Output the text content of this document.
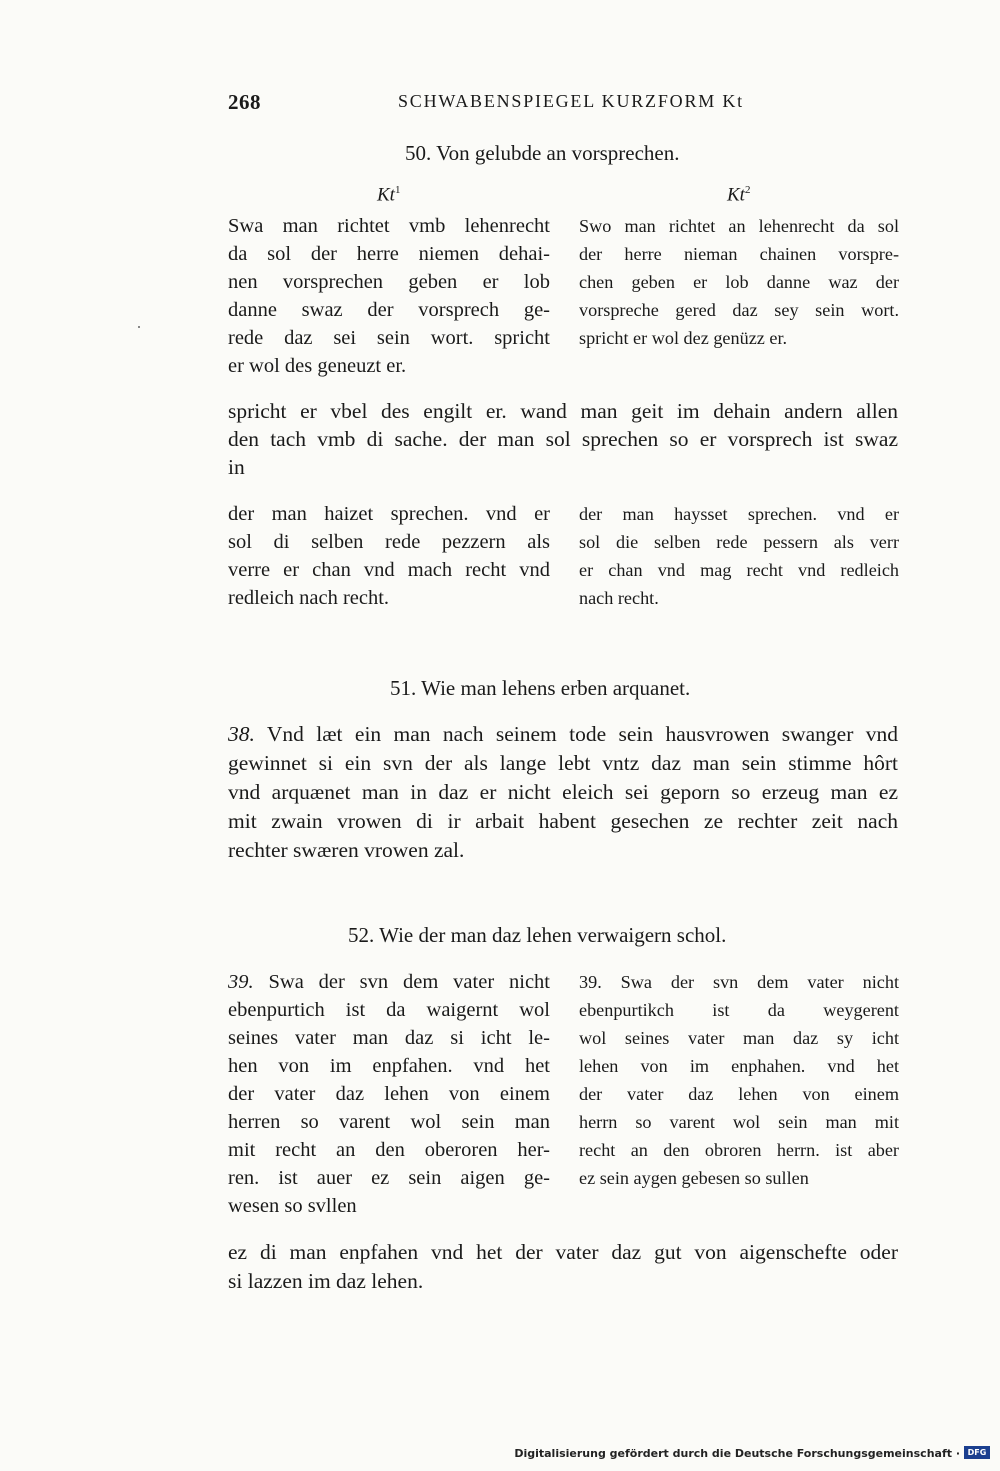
268	SCHWABENSPIEGEL KURZFORM Kt
50. Von gelubde an vorsprechen.
Kt$^1$	Kt$^2$
Swa man richtet vmb lehenrecht
da sol der herre niemen dehai-
nen vorsprechen geben er lob
danne swaz der vorsprech ge-
rede daz sei sein wort. spricht
er wol des geneuzt er.
Swo man richtet an lehenrecht da sol
der herre nieman chainen vorspre-
chen geben er lob danne waz der
vorspreche gered daz sey sein wort.
spricht er wol dez genüzz er.
spricht er vbel des engilt er. wand man geit im dehain andern allen
den tach vmb di sache. der man sol sprechen so er vorsprech ist swaz
in
der man haizet sprechen. vnd er
sol di selben rede pezzern als
verre er chan vnd mach recht vnd
redleich nach recht.
der man haysset sprechen. vnd er
sol die selben rede pessern als verr
er chan vnd mag recht vnd redleich
nach recht.
51. Wie man lehens erben arquanet.
38. Vnd læt ein man nach seinem tode sein hausvrowen swanger vnd
gewinnet si ein svn der als lange lebt vntz daz man sein stimme hôrt
vnd arquænet man in daz er nicht eleich sei geporn so erzeug man ez
mit zwain vrowen di ir arbait habent gesechen ze rechter zeit nach
rechter swæren vrowen zal.
52. Wie der man daz lehen verwaigern schol.
39. Swa der svn dem vater nicht
ebenpurtich ist da waigernt wol
seines vater man daz si icht le-
hen von im enpfahen. vnd het
der vater daz lehen von einem
herren so varent wol sein man
mit recht an den oberoren her-
ren. ist auer ez sein aigen ge-
wesen so svllen
39. Swa der svn dem vater nicht
ebenpurtikch ist da weygerent
wol seines vater man daz sy icht
lehen von im enphahen. vnd het
der vater daz lehen von einem
herrn so varent wol sein man mit
recht an den obroren herrn. ist aber
ez sein aygen gebesen so sullen
ez di man enpfahen vnd het der vater daz gut von aigenschefte oder
si lazzen im daz lehen.
Digitalisierung gefördert durch die Deutsche Forschungsgemeinschaft · DFG
